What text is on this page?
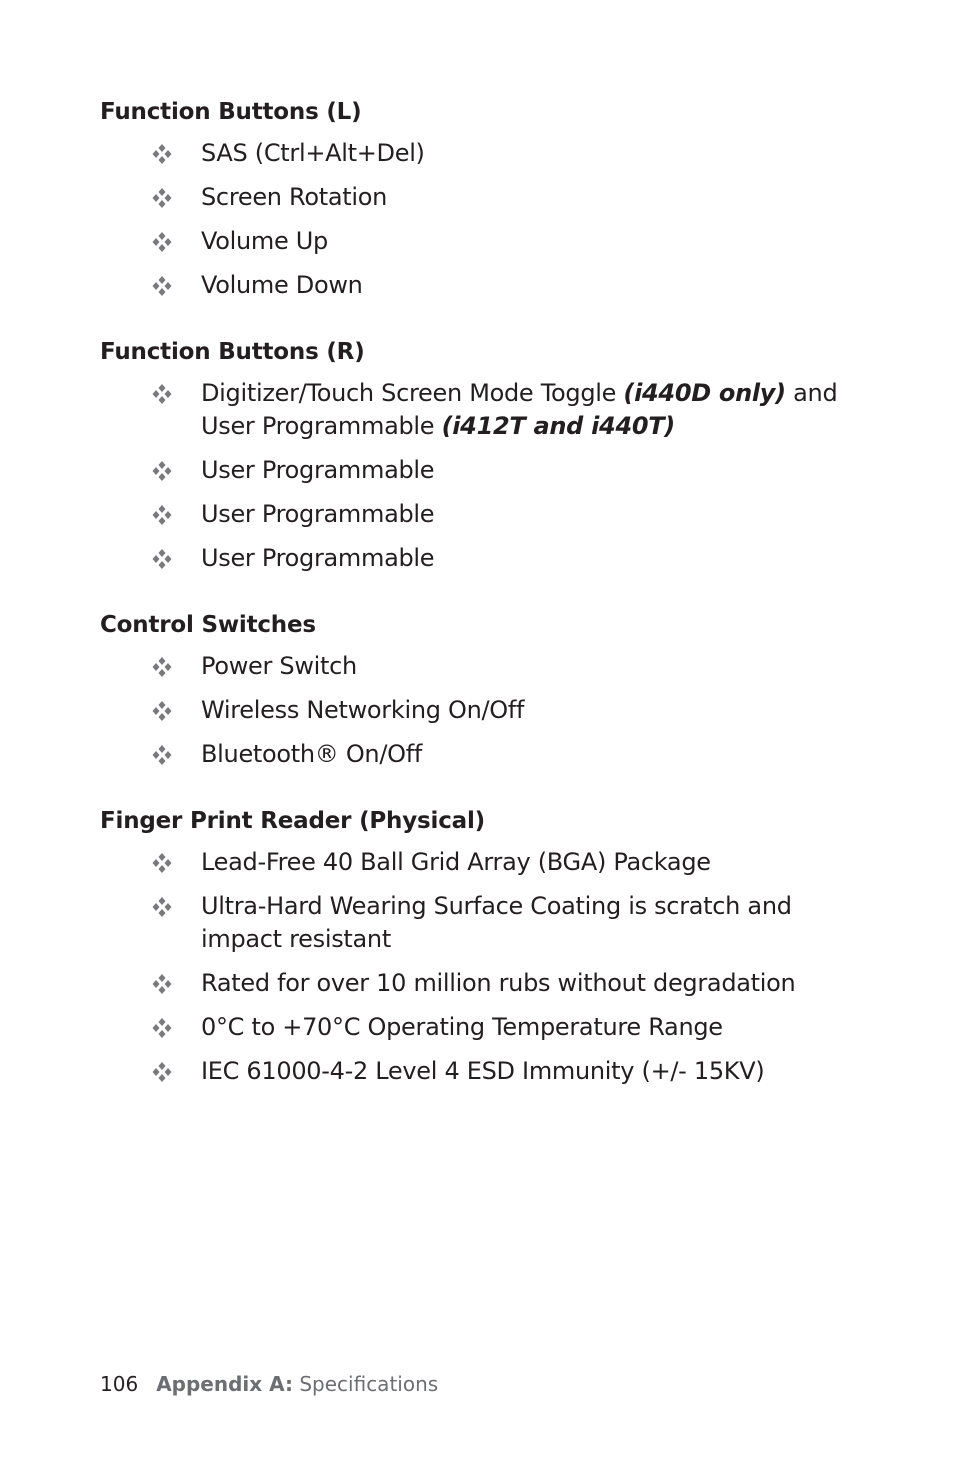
Function Buttons (L)
SAS (Ctrl+Alt+Del)
Screen Rotation
Volume Up
Volume Down
Function Buttons (R)
Digitizer/Touch Screen Mode Toggle (i440D only) and User Programmable (i412T and i440T)
User Programmable
User Programmable
User Programmable
Control Switches
Power Switch
Wireless Networking On/Off
Bluetooth® On/Off
Finger Print Reader (Physical)
Lead-Free 40 Ball Grid Array (BGA) Package
Ultra-Hard Wearing Surface Coating is scratch and impact resistant
Rated for over 10 million rubs without degradation
0°C to +70°C Operating Temperature Range
IEC 61000-4-2 Level 4 ESD Immunity (+/- 15KV)
106 Appendix A: Specifications
